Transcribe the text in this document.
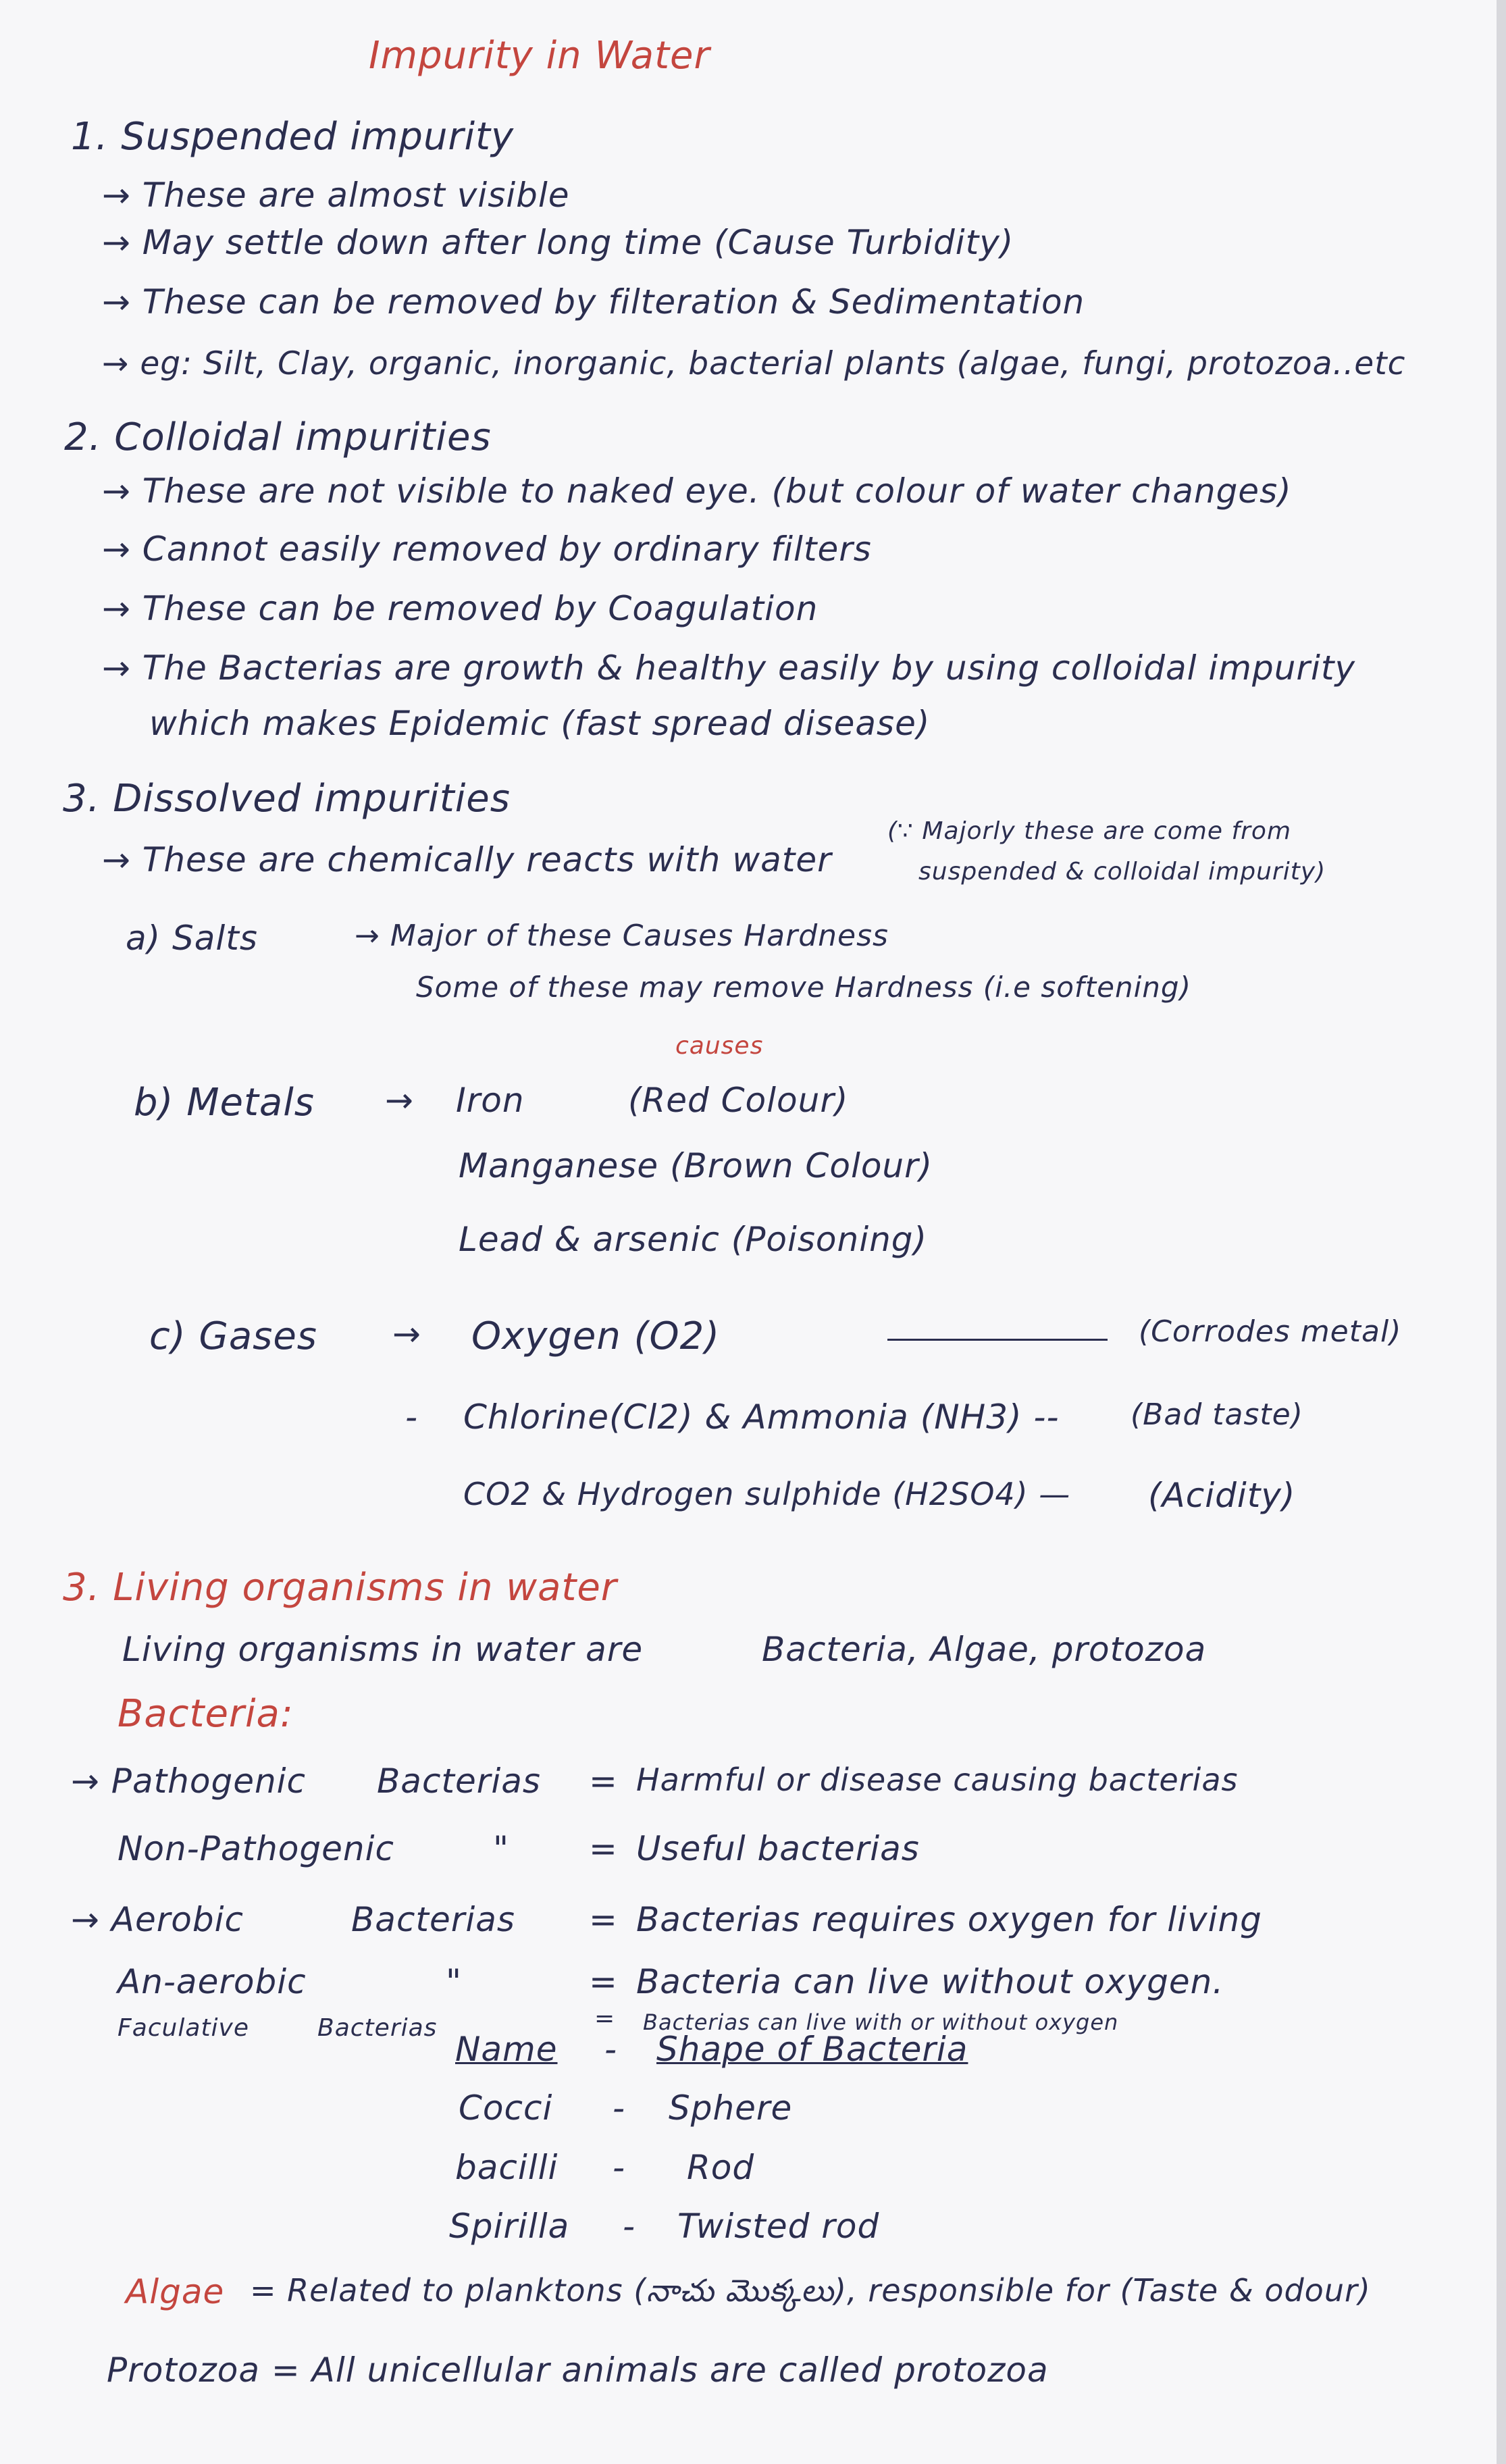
Impurity in Water
1. Suspended impurity
→ These are almost visible
→ May settle down after long time (Cause Turbidity)
→ These can be removed by filteration & Sedimentation
→ eg: Silt, Clay, organic, inorganic, bacterial plants (algae, fungi, protozoa..etc
2. Colloidal impurities
→ These are not visible to naked eye. (but colour of water changes)
→ Cannot easily removed by ordinary filters
→ These can be removed by Coagulation
→ The Bacterias are growth & healthy easily by using colloidal impurity
which makes Epidemic (fast spread disease)
3. Dissolved impurities
→ These are chemically reacts with water
(∵ Majorly these are come from
suspended & colloidal impurity)
a) Salts	→ Major of these Causes Hardness
Some of these may remove Hardness (i.e softening)
causes
b) Metals → Iron	(Red Colour)
Manganese (Brown Colour)
Lead & arsenic (Poisoning)
c) Gases → Oxygen (O2)	(Corrodes metal)
- Chlorine(Cl2) & Ammonia (NH3) -- (Bad taste)
CO2 & Hydrogen sulphide (H2SO4) — (Acidity)
3. Living organisms in water
Living organisms in water are	Bacteria, Algae, protozoa
Bacteria:
→ Pathogenic Bacterias = Harmful or disease causing bacterias
Non-Pathogenic	" = Useful bacterias
→ Aerobic	Bacterias = Bacterias requires oxygen for living
An-aerobic	"	= Bacteria can live without oxygen.
Faculative	Bacterias	= Bacterias can live with or without oxygen
Name - Shape of Bacteria
Cocci - Sphere
bacilli - Rod
Spirilla - Twisted rod
Algae = Related to planktons (నాచు మొక్కలు), responsible for (Taste & odour)
Protozoa = All unicellular animals are called protozoa
